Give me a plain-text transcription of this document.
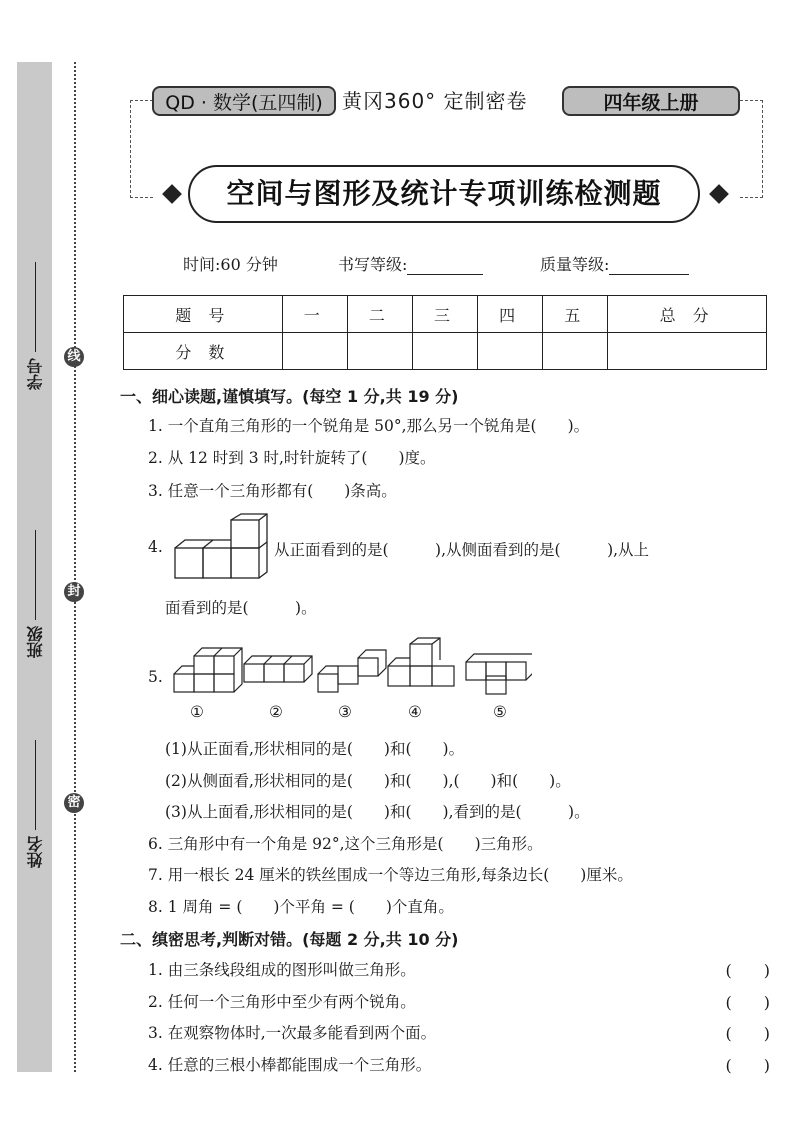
线
封
密
学号
班级
姓名
QD · 数学(五四制) 黄冈360° 定制密卷	四年级上册
空间与图形及统计专项训练检测题
时间:60 分钟	书写等级:	质量等级:
题 号	一	二	三	四	五	总 分
分 数						
一、细心读题,谨慎填写。(每空 1 分,共 19 分)
1. 一个直角三角形的一个锐角是 50°,那么另一个锐角是(　　)。
2. 从 12 时到 3 时,时针旋转了(　　)度。
3. 任意一个三角形都有(　　)条高。
4.	从正面看到的是(　　　),从侧面看到的是(　　　),从上
面看到的是(　　　)。
5.
①	②	③	④	⑤
(1)从正面看,形状相同的是(　　)和(　　)。
(2)从侧面看,形状相同的是(　　)和(　　),(　　)和(　　)。
(3)从上面看,形状相同的是(　　)和(　　),看到的是(　　　)。
6. 三角形中有一个角是 92°,这个三角形是(　　)三角形。
7. 用一根长 24 厘米的铁丝围成一个等边三角形,每条边长(　　)厘米。
8. 1 周角 = (　　)个平角 = (　　)个直角。
二、缜密思考,判断对错。(每题 2 分,共 10 分)
1. 由三条线段组成的图形叫做三角形。
2. 任何一个三角形中至少有两个锐角。
3. 在观察物体时,一次最多能看到两个面。
4. 任意的三根小棒都能围成一个三角形。
(　　)
(　　)
(　　)
(　　)
